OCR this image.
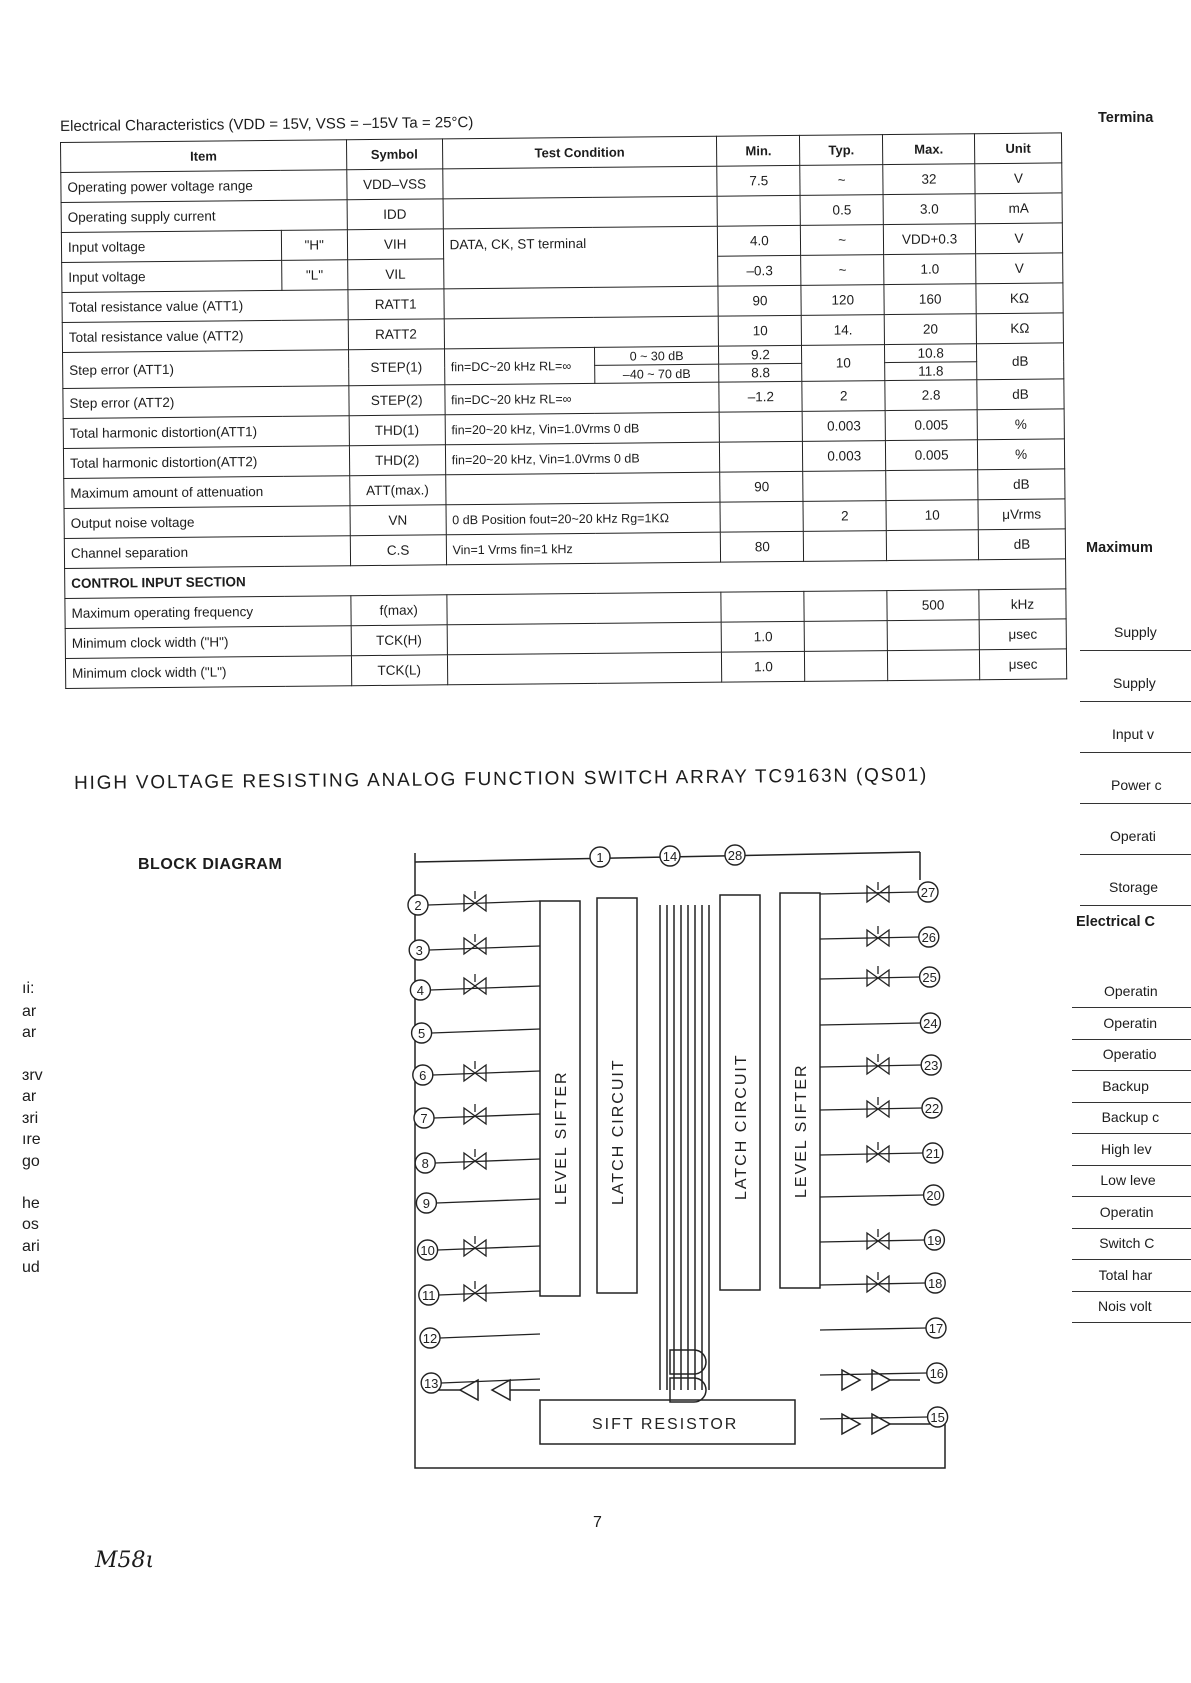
Electrical Characteristics (VDD = 15V, VSS = –15V Ta = 25°C)
Item		Symbol	Test Condition		Min.	Typ.	Max.	Unit
Operating power voltage range		VDD–VSS			7.5	~	32	V
Operating supply current		IDD				0.5	3.0	mA
Input voltage	"H"	VIH	DATA, CK, ST terminal		4.0	~	VDD+0.3	V
Input voltage	"L"	VIL			–0.3	~	1.0	V
Total resistance value (ATT1)		RATT1			90	120	160	KΩ
Total resistance value (ATT2)		RATT2			10	14.	20	KΩ
Step error (ATT1)		STEP(1)	fin=DC~20 kHz RL=∞	0 ~ 30 dB	9.2	10	10.8	dB
				–40 ~ 70 dB	8.8		11.8	
Step error (ATT2)		STEP(2)	fin=DC~20 kHz RL=∞		–1.2	2	2.8	dB
Total harmonic distortion(ATT1)		THD(1)	fin=20~20 kHz, Vin=1.0Vrms 0 dB			0.003	0.005	%
Total harmonic distortion(ATT2)		THD(2)	fin=20~20 kHz, Vin=1.0Vrms 0 dB			0.003	0.005	%
Maximum amount of attenuation		ATT(max.)			90			dB
Output noise voltage		VN	0 dB Position fout=20~20 kHz Rg=1KΩ			2	10	μVrms
Channel separation		C.S	Vin=1 Vrms fin=1 kHz		80			dB
CONTROL INPUT SECTION								
Maximum operating frequency		f(max)					500	kHz
Minimum clock width ("H")		TCK(H)			1.0			μsec
Minimum clock width ("L")		TCK(L)			1.0			μsec
HIGH VOLTAGE RESISTING ANALOG FUNCTION SWITCH ARRAY TC9163N (QS01)
BLOCK DIAGRAM
LEVEL SIFTER	LATCH CIRCUIT	LATCH CIRCUIT	LEVEL SIFTER
SIFT RESISTOR
1	14	28
2
3
4
5
6
7
8
9
10
11
12
13
27
26
25
24
23
22
21
20
19
18
17
16
15
Termina
Maximum
Electrical C
Supply
Supply
Input v
Power c
Operati
Storage
Operatin
Operatin
Operatio
Backup
Backup c
High lev
Low leve
Operatin
Switch C
Total har
Nois volt
ıi:
ar
ar
ɜrv
ar
ɜri
ıre
go
he
os
ari
ud
7
M58ι
